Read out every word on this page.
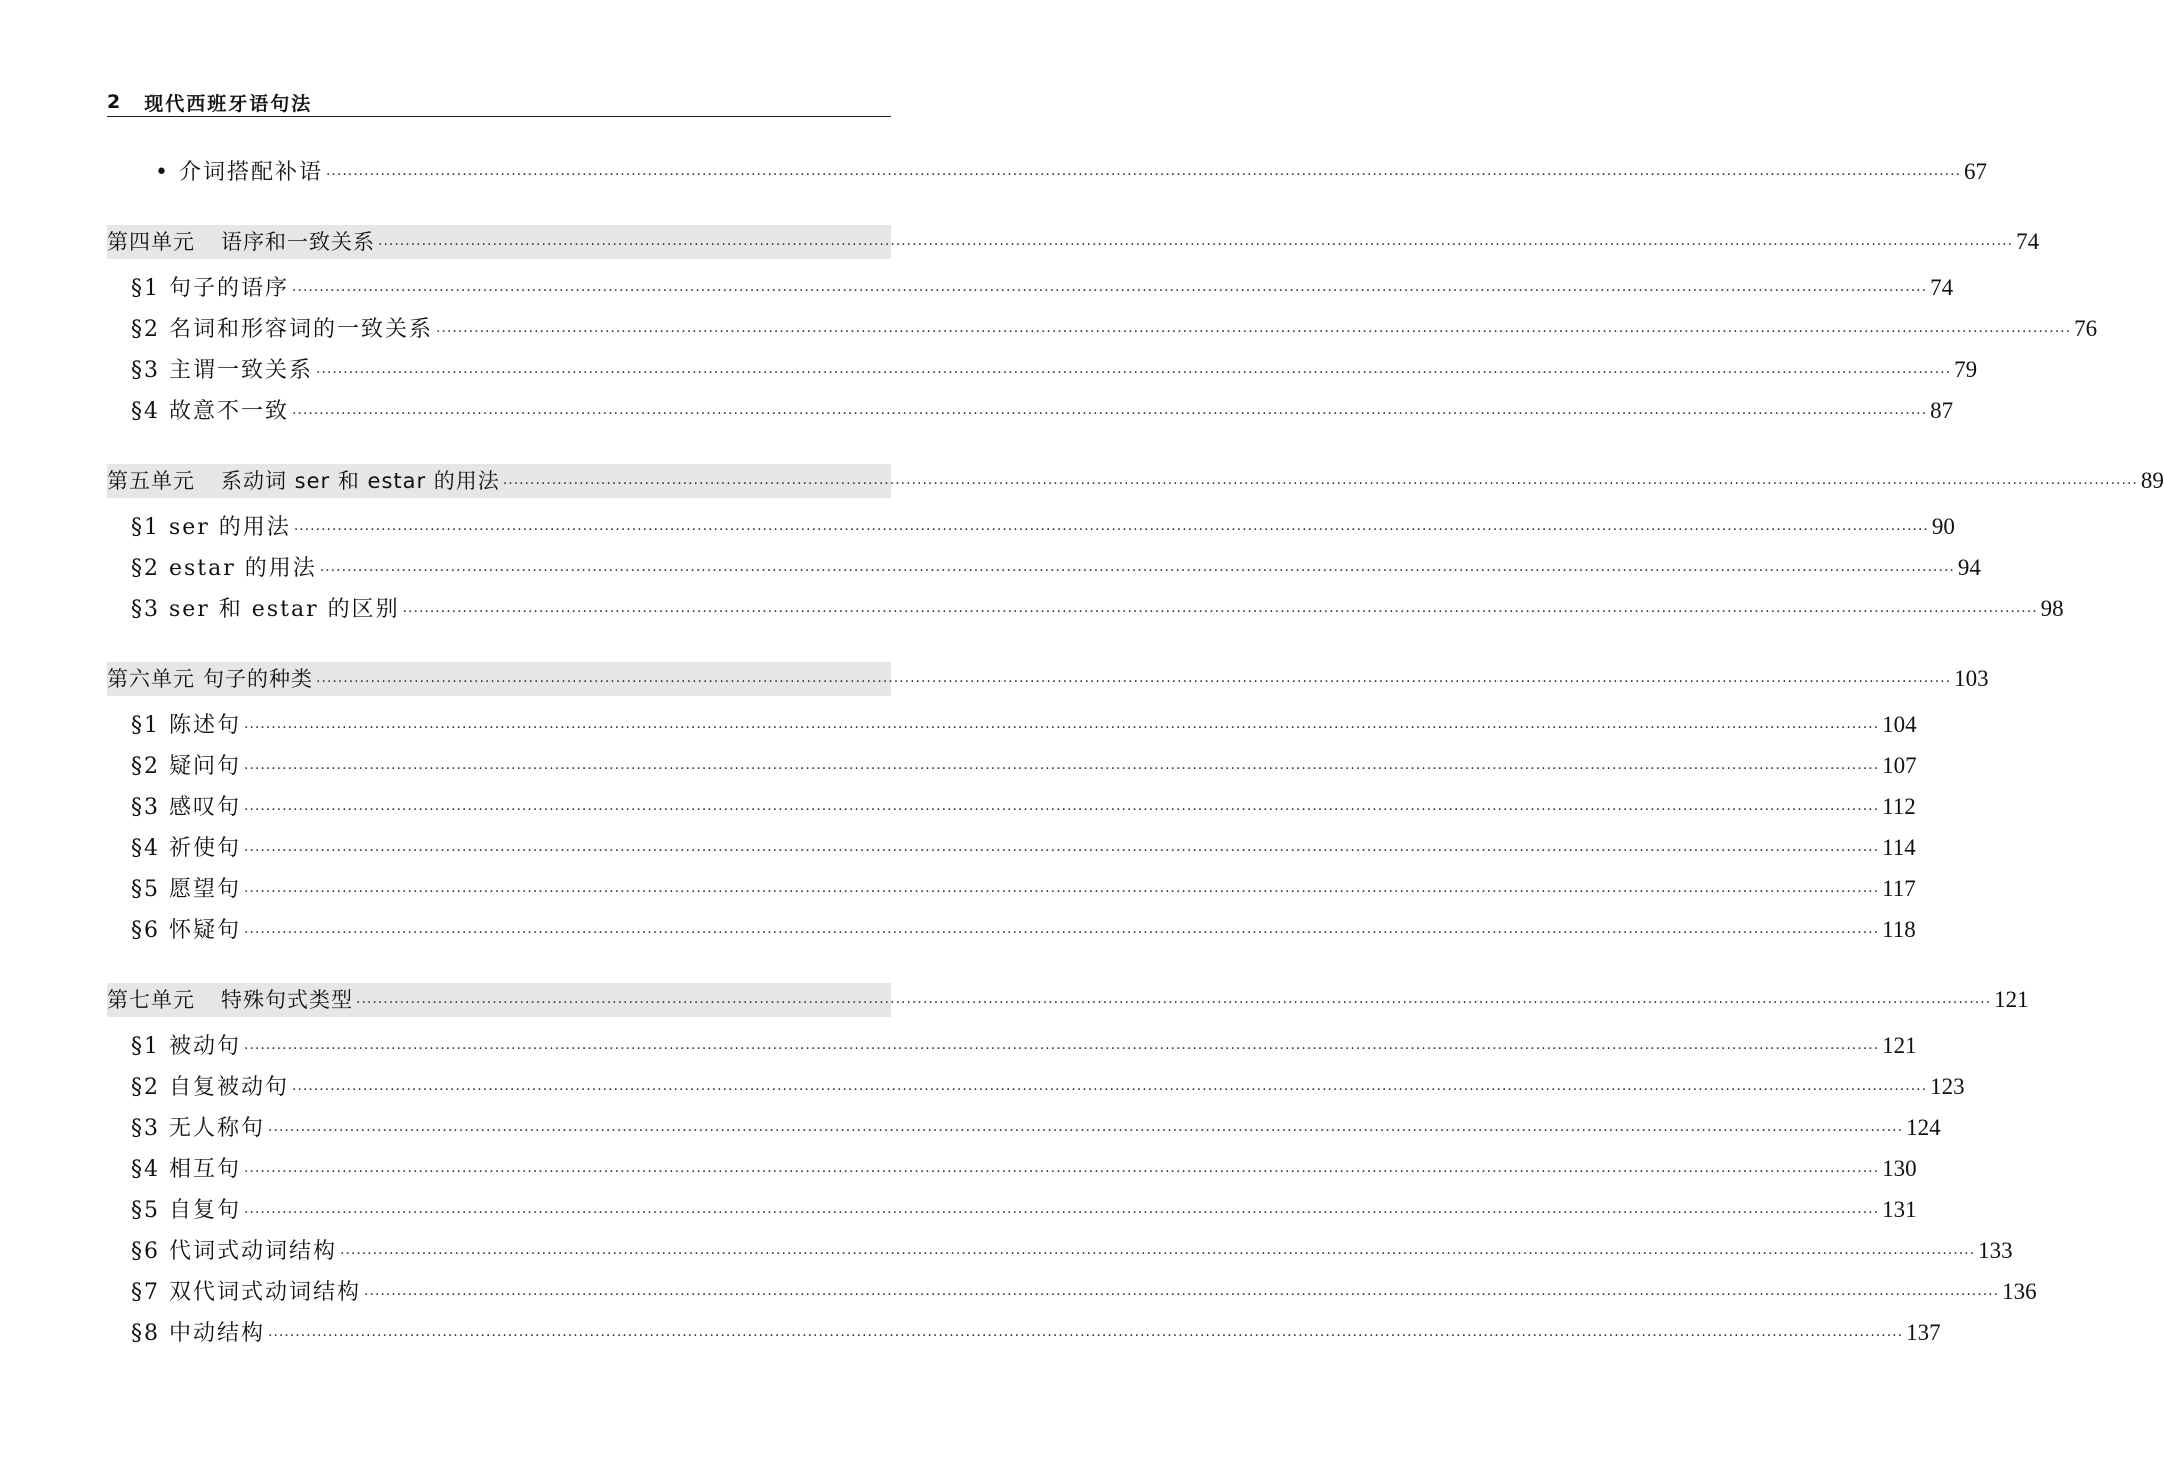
2 现代西班牙语句法
• 介词搭配补语 ············································································································································································································································································································ 67
第四单元 语序和一致关系 ············································································································································································································································································································ 74
§1 句子的语序 ············································································································································································································································································································ 74
§2 名词和形容词的一致关系 ············································································································································································································································································································ 76
§3 主谓一致关系 ············································································································································································································································································································ 79
§4 故意不一致 ············································································································································································································································································································ 87
第五单元 系动词 ser 和 estar 的用法 ············································································································································································································································································································ 89
§1 ser 的用法 ············································································································································································································································································································ 90
§2 estar 的用法 ············································································································································································································································································································ 94
§3 ser 和 estar 的区别 ············································································································································································································································································································ 98
第六单元 句子的种类 ············································································································································································································································································································ 103
§1 陈述句 ············································································································································································································································································································ 104
§2 疑问句 ············································································································································································································································································································ 107
§3 感叹句 ············································································································································································································································································································ 112
§4 祈使句 ············································································································································································································································································································ 114
§5 愿望句 ············································································································································································································································································································ 117
§6 怀疑句 ············································································································································································································································································································ 118
第七单元 特殊句式类型 ············································································································································································································································································································ 121
§1 被动句 ············································································································································································································································································································ 121
§2 自复被动句 ············································································································································································································································································································ 123
§3 无人称句 ············································································································································································································································································································ 124
§4 相互句 ············································································································································································································································································································ 130
§5 自复句 ············································································································································································································································································································ 131
§6 代词式动词结构 ············································································································································································································································································································ 133
§7 双代词式动词结构 ············································································································································································································································································································ 136
§8 中动结构 ············································································································································································································································································································ 137
